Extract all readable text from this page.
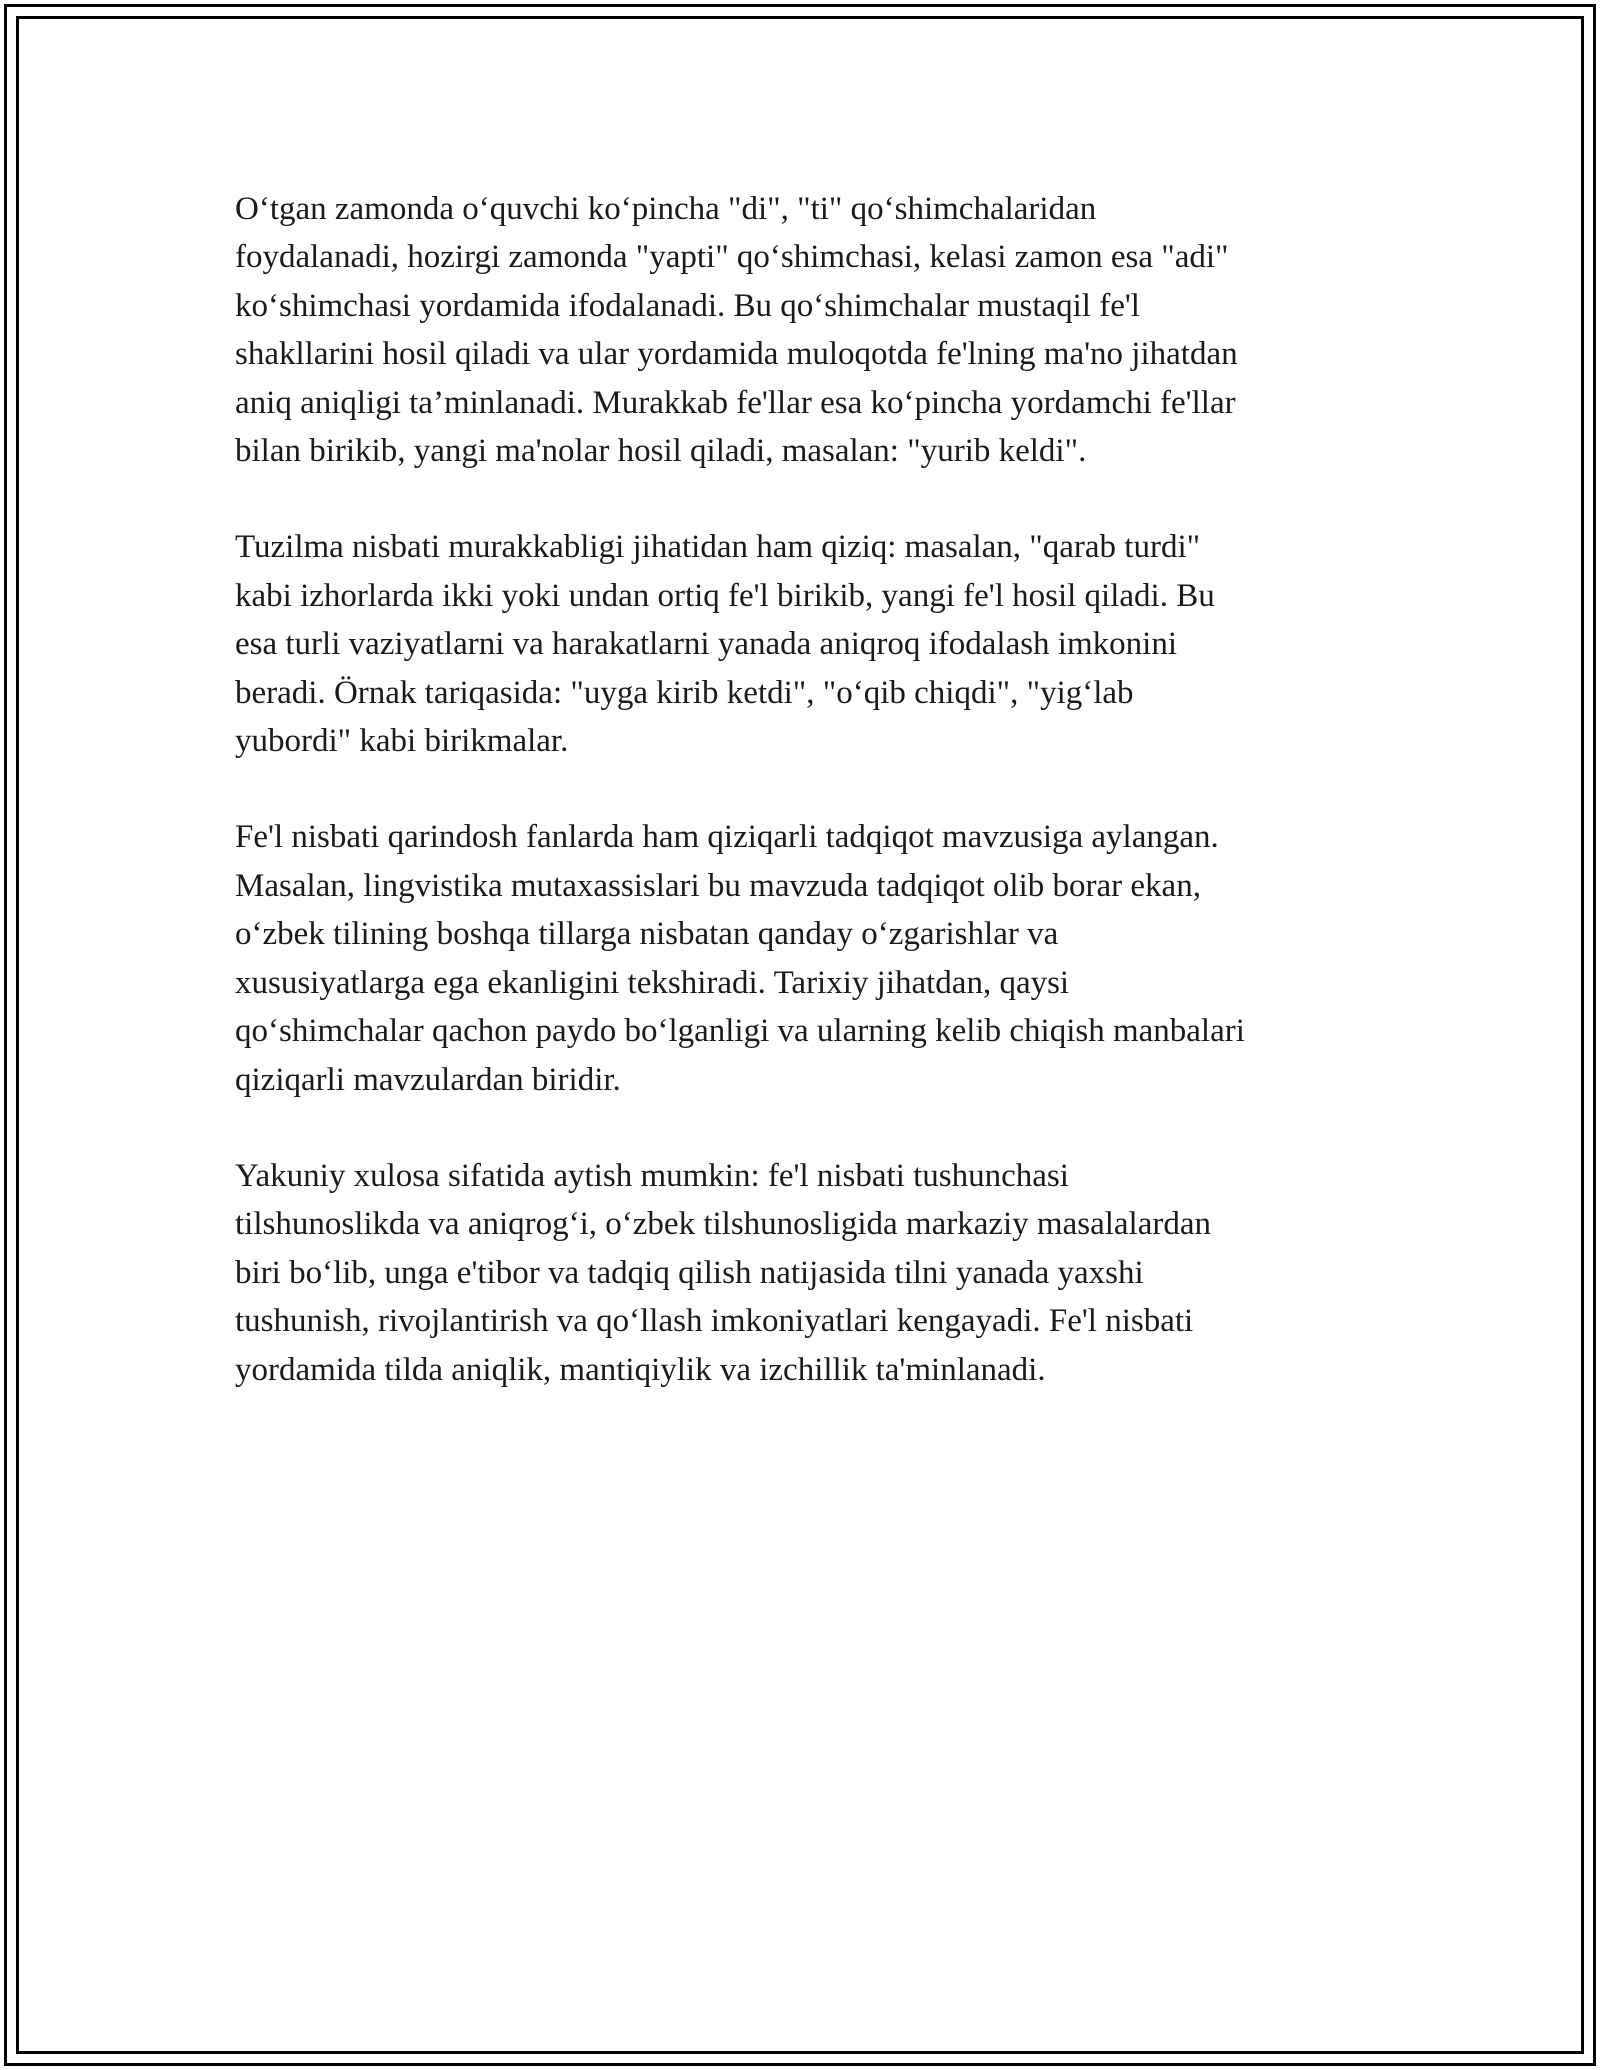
O‘tgan zamonda o‘quvchi ko‘pincha "di", "ti" qo‘shimchalaridan
foydalanadi, hozirgi zamonda "yapti" qo‘shimchasi, kelasi zamon esa "adi"
ko‘shimchasi yordamida ifodalanadi. Bu qo‘shimchalar mustaqil fe'l
shakllarini hosil qiladi va ular yordamida muloqotda fe'lning ma'no jihatdan
aniq aniqligi ta’minlanadi. Murakkab fe'llar esa ko‘pincha yordamchi fe'llar
bilan birikib, yangi ma'nolar hosil qiladi, masalan: "yurib keldi".

Tuzilma nisbati murakkabligi jihatidan ham qiziq: masalan, "qarab turdi"
kabi izhorlarda ikki yoki undan ortiq fe'l birikib, yangi fe'l hosil qiladi. Bu
esa turli vaziyatlarni va harakatlarni yanada aniqroq ifodalash imkonini
beradi. Örnak tariqasida: "uyga kirib ketdi", "o‘qib chiqdi", "yig‘lab
yubordi" kabi birikmalar.

Fe'l nisbati qarindosh fanlarda ham qiziqarli tadqiqot mavzusiga aylangan.
Masalan, lingvistika mutaxassislari bu mavzuda tadqiqot olib borar ekan,
o‘zbek tilining boshqa tillarga nisbatan qanday o‘zgarishlar va
xususiyatlarga ega ekanligini tekshiradi. Tarixiy jihatdan, qaysi
qo‘shimchalar qachon paydo bo‘lganligi va ularning kelib chiqish manbalari
qiziqarli mavzulardan biridir.

Yakuniy xulosa sifatida aytish mumkin: fe'l nisbati tushunchasi
tilshunoslikda va aniqrog‘i, o‘zbek tilshunosligida markaziy masalalardan
biri bo‘lib, unga e'tibor va tadqiq qilish natijasida tilni yanada yaxshi
tushunish, rivojlantirish va qo‘llash imkoniyatlari kengayadi. Fe'l nisbati
yordamida tilda aniqlik, mantiqiylik va izchillik ta'minlanadi.
